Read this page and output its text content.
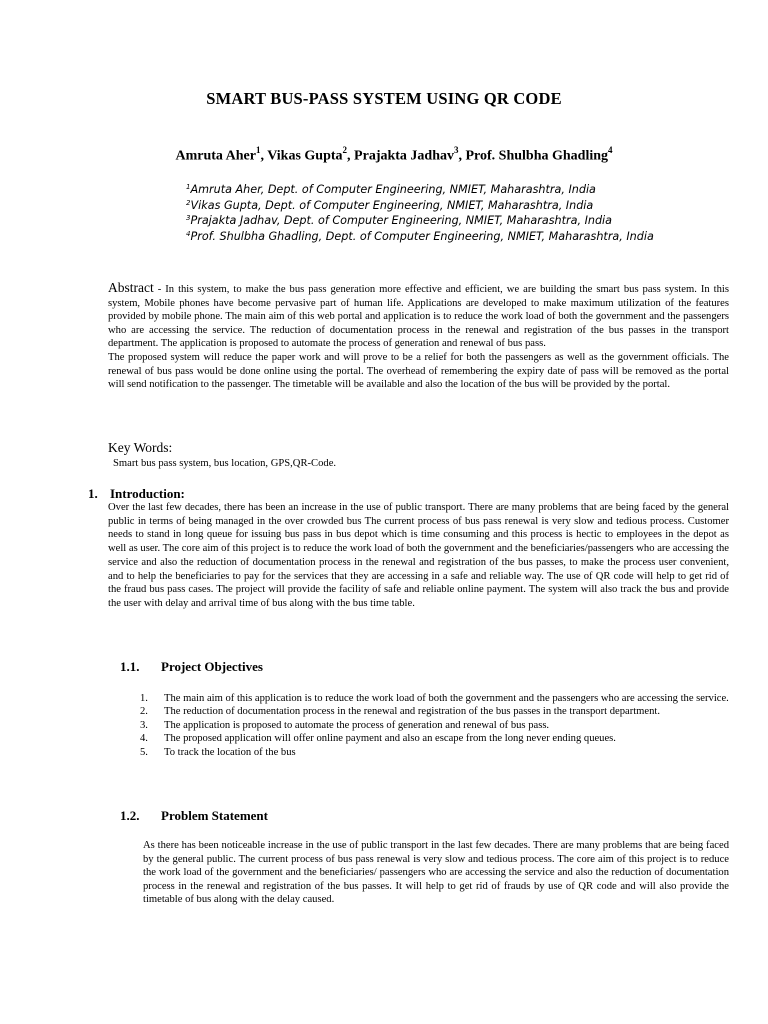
SMART BUS-PASS SYSTEM USING QR CODE
Amruta Aher$^1$, Vikas Gupta$^2$, Prajakta Jadhav$^3$, Prof. Shulbha Ghadling$^4$
$^1$Amruta Aher, Dept. of Computer Engineering, NMIET, Maharashtra, India
$^2$Vikas Gupta, Dept. of Computer Engineering, NMIET, Maharashtra, India
$^3$Prajakta Jadhav, Dept. of Computer Engineering, NMIET, Maharashtra, India
$^4$Prof. Shulbha Ghadling, Dept. of Computer Engineering, NMIET, Maharashtra, India
Abstract - In this system, to make the bus pass generation more effective and efficient, we are building the smart bus pass system. In this system, Mobile phones have become pervasive part of human life. Applications are developed to make maximum utilization of the features provided by mobile phone. The main aim of this web portal and application is to reduce the work load of both the government and the passengers who are accessing the service. The reduction of documentation process in the renewal and registration of the bus passes in the transport department. The application is proposed to automate the process of generation and renewal of bus pass.
The proposed system will reduce the paper work and will prove to be a relief for both the passengers as well as the government officials. The renewal of bus pass would be done online using the portal. The overhead of remembering the expiry date of pass will be removed as the portal will send notification to the passenger. The timetable will be available and also the location of the bus will be provided by the portal.
Key Words:
Smart bus pass system, bus location, GPS,QR-Code.
1. Introduction:
Over the last few decades, there has been an increase in the use of public transport. There are many problems that are being faced by the general public in terms of being managed in the over crowded bus The current process of bus pass renewal is very slow and tedious process. Customer needs to stand in long queue for issuing bus pass in bus depot which is time consuming and this process is hectic to employees in the depot as well as user. The core aim of this project is to reduce the work load of both the government and the beneficiaries/passengers who are accessing the service and also the reduction of documentation process in the renewal and registration of the bus passes, to make the process user convenient, and to help the beneficiaries to pay for the services that they are accessing in a safe and reliable way. The use of QR code will help to get rid of the fraud bus pass cases. The project will provide the facility of safe and reliable online payment. The system will also track the bus and provide the user with delay and arrival time of bus along with the bus time table.
1.1. Project Objectives
1. The main aim of this application is to reduce the work load of both the government and the passengers who are accessing the service.
2. The reduction of documentation process in the renewal and registration of the bus passes in the transport department.
3. The application is proposed to automate the process of generation and renewal of bus pass.
4. The proposed application will offer online payment and also an escape from the long never ending queues.
5. To track the location of the bus
1.2. Problem Statement
As there has been noticeable increase in the use of public transport in the last few decades. There are many problems that are being faced by the general public. The current process of bus pass renewal is very slow and tedious process. The core aim of this project is to reduce the work load of the government and the beneficiaries/ passengers who are accessing the service and also the reduction of documentation process in the renewal and registration of the bus passes. It will help to get rid of frauds by use of QR code and will also provide the timetable of bus along with the delay caused.
